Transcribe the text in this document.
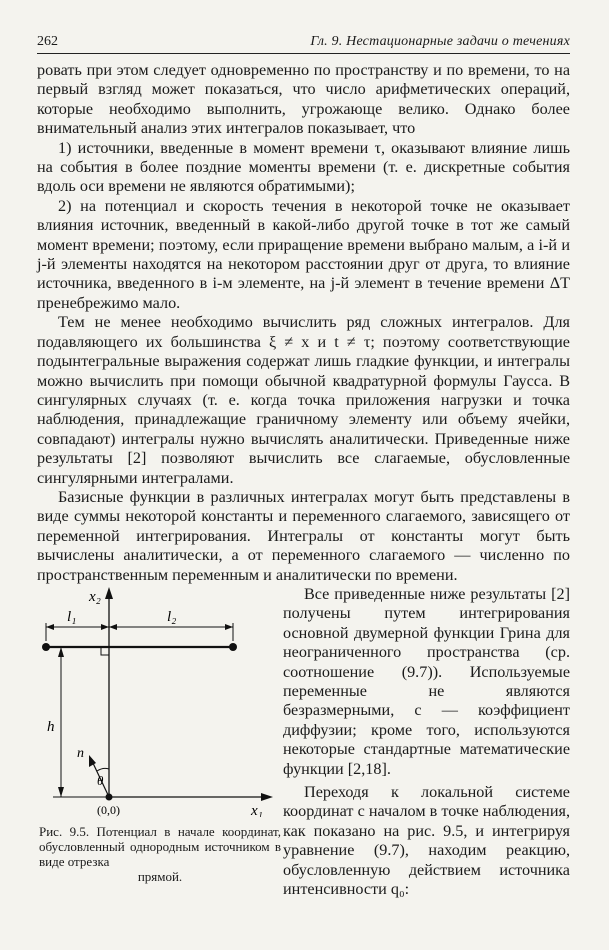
262	Гл. 9. Нестационарные задачи о течениях

ровать при этом следует одновременно по пространству и по времени, то на первый взгляд может показаться, что число арифметических операций, которые необходимо выполнить, угрожающе велико. Однако более внимательный анализ этих интегралов показывает, что

1) источники, введенные в момент времени τ, оказывают влияние лишь на события в более поздние моменты времени (т. е. дискретные события вдоль оси времени не являются обратимыми);

2) на потенциал и скорость течения в некоторой точке не оказывает влияния источник, введенный в какой-либо другой точке в тот же самый момент времени; поэтому, если приращение времени выбрано малым, а i-й и j-й элементы находятся на некотором расстоянии друг от друга, то влияние источника, введенного в i-м элементе, на j-й элемент в течение времени ΔT пренебрежимо мало.

Тем не менее необходимо вычислить ряд сложных интегралов. Для подавляющего их большинства ξ ≠ x и t ≠ τ; поэтому соответствующие подынтегральные выражения содержат лишь гладкие функции, и интегралы можно вычислить при помощи обычной квадратурной формулы Гаусса. В сингулярных случаях (т. е. когда точка приложения нагрузки и точка наблюдения, принадлежащие граничному элементу или объему ячейки, совпадают) интегралы нужно вычислять аналитически. Приведенные ниже результаты [2] позволяют вычислить все слагаемые, обусловленные сингулярными интегралами.

Базисные функции в различных интегралах могут быть представлены в виде суммы некоторой константы и переменного слагаемого, зависящего от переменной интегрирования. Интегралы от константы могут быть вычислены аналитически, а от переменного слагаемого — численно по пространственным переменным и аналитически по времени.

l₁	l₂
h
n
θ
(0,0)
x₂
x₁
Рис. 9.5. Потенциал в начале координат, обусловленный однородным источником в виде отрезка
прямой.

Все приведенные ниже результаты [2] получены путем интегрирования основной двумерной функции Грина для неограниченного пространства (ср. соотношение (9.7)). Используемые переменные не являются безразмерными, c — коэффициент диффузии; кроме того, используются некоторые стандартные математические функции [2,18].

Переходя к локальной системе координат с началом в точке наблюдения, как показано на рис. 9.5, и интегрируя уравнение (9.7), находим реакцию, обусловленную действием источника интенсивности q₀:
